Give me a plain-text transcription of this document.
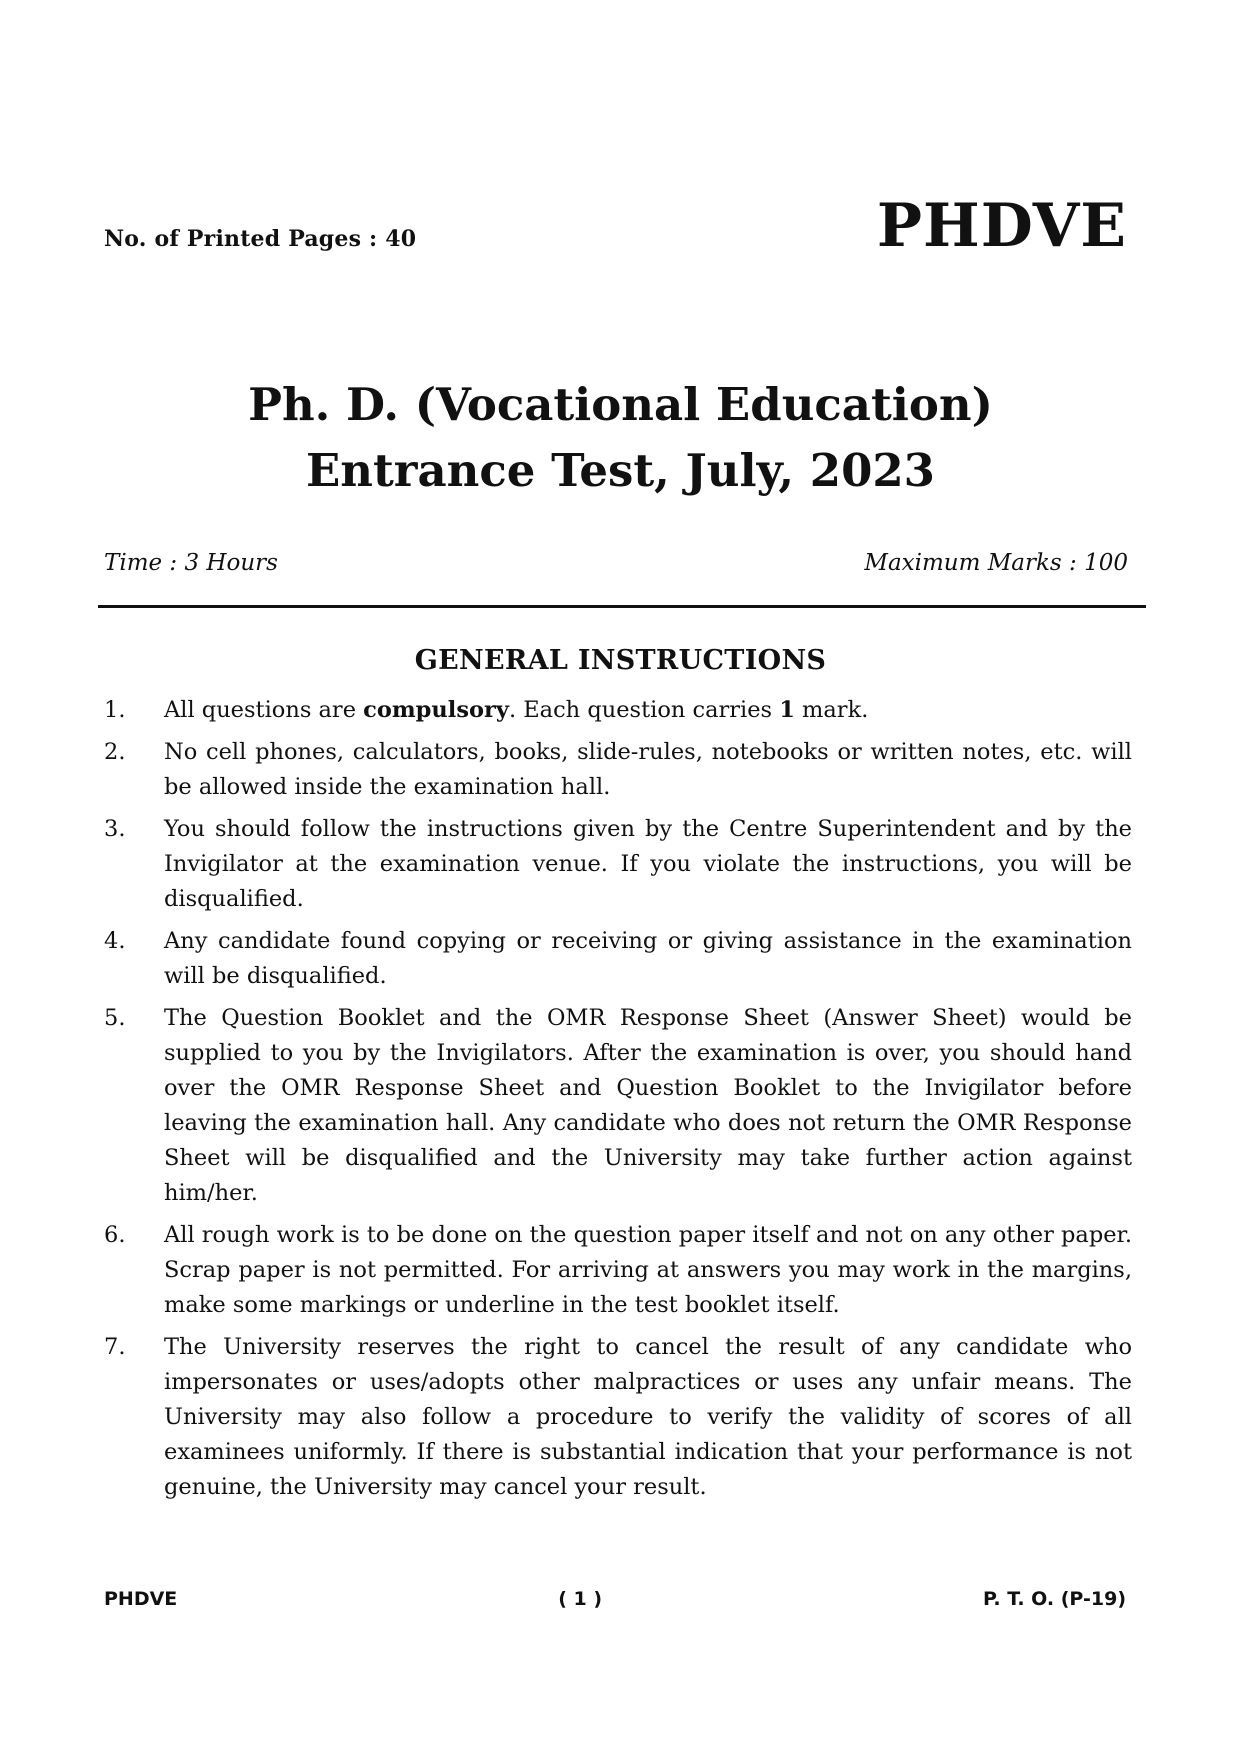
No. of Printed Pages : 40	PHDVE
Ph. D. (Vocational Education)
Entrance Test, July, 2023
Time : 3 Hours	Maximum Marks : 100
GENERAL INSTRUCTIONS
1.	All questions are compulsory. Each question carries 1 mark.
2.	No cell phones, calculators, books, slide-rules, notebooks or written notes, etc. will be allowed inside the examination hall.
3.	You should follow the instructions given by the Centre Superintendent and by the Invigilator at the examination venue. If you violate the instructions, you will be disqualified.
4.	Any candidate found copying or receiving or giving assistance in the examination will be disqualified.
5.	The Question Booklet and the OMR Response Sheet (Answer Sheet) would be supplied to you by the Invigilators. After the examination is over, you should hand over the OMR Response Sheet and Question Booklet to the Invigilator before leaving the examination hall. Any candidate who does not return the OMR Response Sheet will be disqualified and the University may take further action against him/her.
6.	All rough work is to be done on the question paper itself and not on any other paper. Scrap paper is not permitted. For arriving at answers you may work in the margins, make some markings or underline in the test booklet itself.
7.	The University reserves the right to cancel the result of any candidate who impersonates or uses/adopts other malpractices or uses any unfair means. The University may also follow a procedure to verify the validity of scores of all examinees uniformly. If there is substantial indication that your performance is not genuine, the University may cancel your result.
PHDVE	( 1 )	P. T. O. (P-19)
